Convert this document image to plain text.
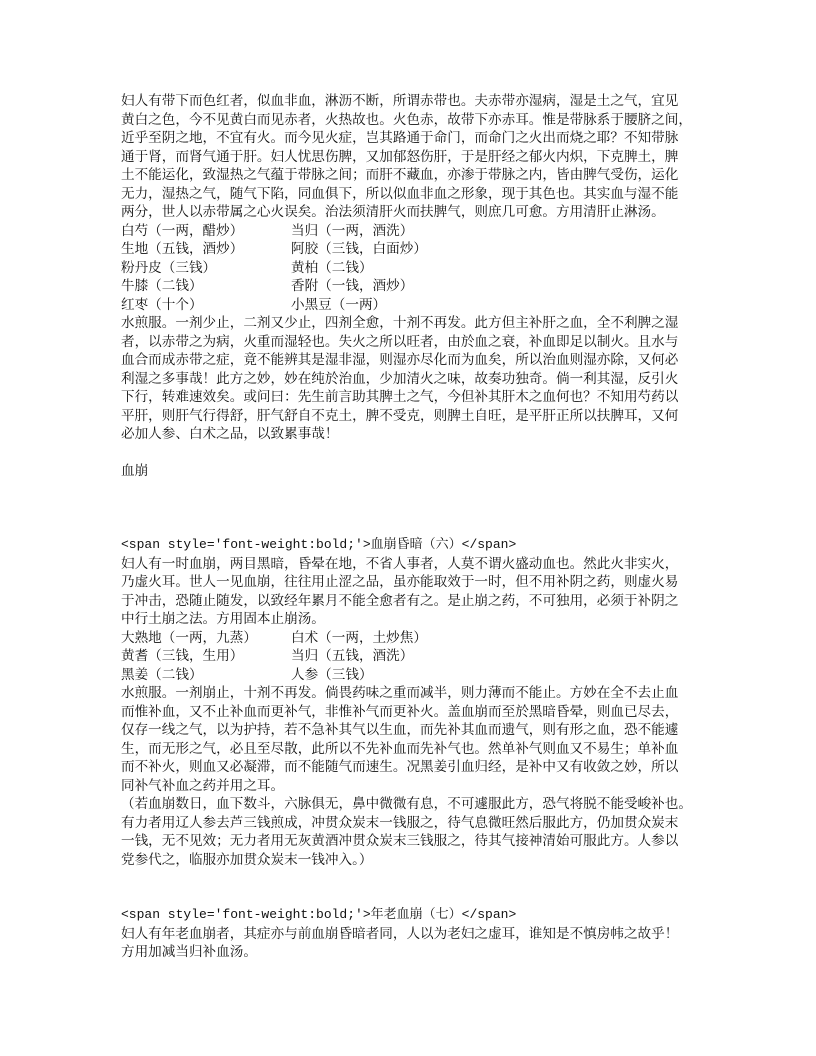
妇人有带下而色红者，似血非血，淋沥不断，所谓赤带也。夫赤带亦湿病，湿是土之气，宜见
黄白之色，今不见黄白而见赤者，火热故也。火色赤，故带下亦赤耳。惟是带脉系于腰脐之间，
近乎至阴之地，不宜有火。而今见火症，岂其路通于命门，而命门之火出而烧之耶？不知带脉
通于肾，而肾气通于肝。妇人忧思伤脾，又加郁怒伤肝，于是肝经之郁火内炽，下克脾土，脾
土不能运化，致湿热之气蕴于带脉之间；而肝不藏血，亦渗于带脉之内，皆由脾气受伤，运化
无力，湿热之气，随气下陷，同血俱下，所以似血非血之形象，现于其色也。其实血与湿不能
两分，世人以赤带属之心火误矣。治法须清肝火而扶脾气，则庶几可愈。方用清肝止淋汤。
白芍（一两，醋炒）	当归（一两，酒洗）
生地（五钱，酒炒）	阿胶（三钱，白面炒）
粉丹皮（三钱）	黄柏（二钱）
牛膝（二钱）	香附（一钱，酒炒）
红枣（十个）	小黑豆（一两）
水煎服。一剂少止，二剂又少止，四剂全愈，十剂不再发。此方但主补肝之血，全不利脾之湿
者，以赤带之为病，火重而湿轻也。失火之所以旺者，由於血之衰，补血即足以制火。且水与
血合而成赤带之症，竟不能辨其是湿非湿，则湿亦尽化而为血矣，所以治血则湿亦除，又何必
利湿之多事哉！此方之妙，妙在纯於治血，少加清火之味，故奏功独奇。倘一利其湿，反引火
下行，转难速效矣。或问曰：先生前言助其脾土之气，今但补其肝木之血何也？不知用芍药以
平肝，则肝气行得舒，肝气舒自不克土，脾不受克，则脾土自旺，是平肝正所以扶脾耳，又何
必加人参、白术之品，以致累事哉！
血崩
<span style='font-weight:bold;'>血崩昏暗（六）</span>
妇人有一时血崩，两目黑暗，昏晕在地，不省人事者，人莫不谓火盛动血也。然此火非实火，
乃虚火耳。世人一见血崩，往往用止涩之品，虽亦能取效于一时，但不用补阴之药，则虚火易
于冲击，恐随止随发，以致经年累月不能全愈者有之。是止崩之药，不可独用，必须于补阴之
中行土崩之法。方用固本止崩汤。
大熟地（一两，九蒸）	白术（一两，土炒焦）
黄耆（三钱，生用）	当归（五钱，酒洗）
黑姜（二钱）	人参（三钱）
水煎服。一剂崩止，十剂不再发。倘畏药味之重而减半，则力薄而不能止。方妙在全不去止血
而惟补血，又不止补血而更补气，非惟补气而更补火。盖血崩而至於黑暗昏晕，则血已尽去，
仅存一线之气，以为护持，若不急补其气以生血，而先补其血而遗气，则有形之血，恐不能遽
生，而无形之气，必且至尽散，此所以不先补血而先补气也。然单补气则血又不易生；单补血
而不补火，则血又必凝滞，而不能随气而速生。况黑姜引血归经，是补中又有收敛之妙，所以
同补气补血之药并用之耳。
（若血崩数日，血下数斗，六脉俱无，鼻中微微有息，不可遽服此方，恐气将脱不能受峻补也。
有力者用辽人参去芦三钱煎成，冲贯众炭末一钱服之，待气息微旺然后服此方，仍加贯众炭末
一钱，无不见效；无力者用无灰黄酒冲贯众炭末三钱服之，待其气接神清始可服此方。人参以
党参代之，临服亦加贯众炭末一钱冲入。）
<span style='font-weight:bold;'>年老血崩（七）</span>
妇人有年老血崩者，其症亦与前血崩昏暗者同，人以为老妇之虚耳，谁知是不慎房帏之故乎！
方用加减当归补血汤。
